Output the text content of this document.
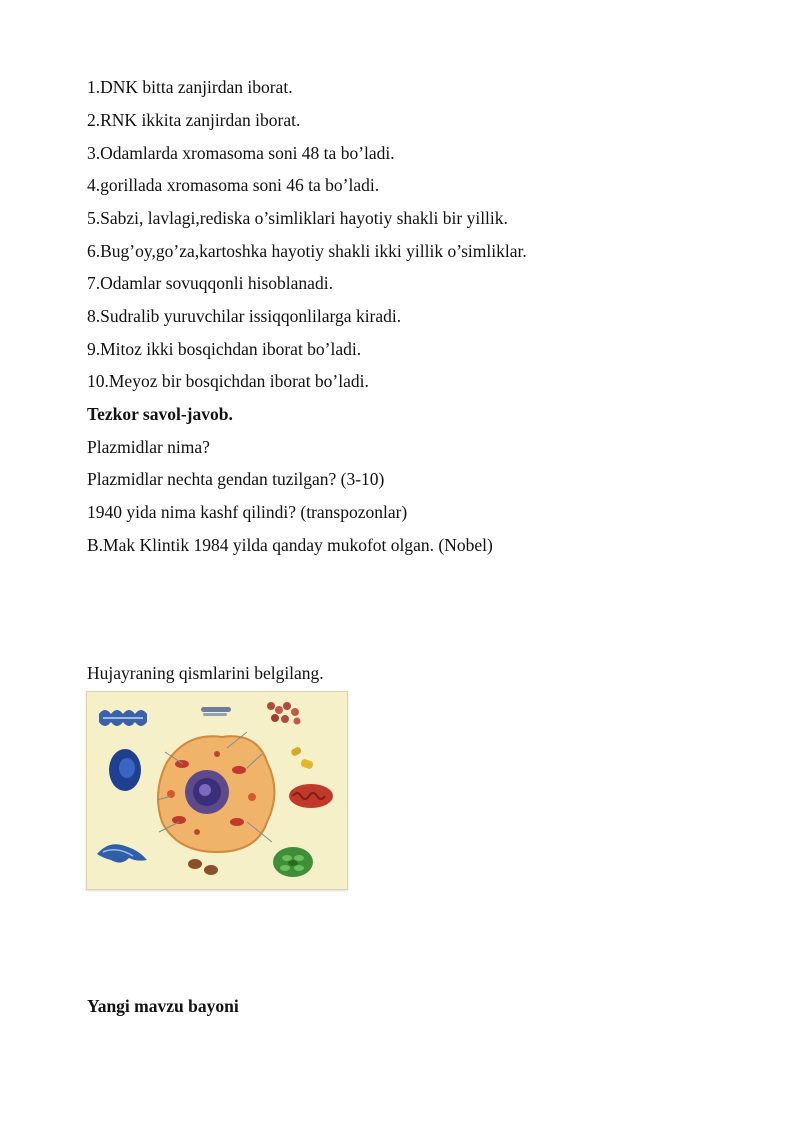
1.DNK bitta zanjirdan iborat.
2.RNK ikkita zanjirdan iborat.
3.Odamlarda xromasoma soni 48 ta bo’ladi.
4.gorillada xromasoma soni 46 ta bo’ladi.
5.Sabzi, lavlagi,rediska o’simliklari hayotiy shakli bir yillik.
6.Bug’oy,go’za,kartoshka hayotiy shakli ikki yillik o’simliklar.
7.Odamlar sovuqqonli hisoblanadi.
8.Sudralib yuruvchilar issiqqonlilarga kiradi.
9.Mitoz ikki bosqichdan iborat bo’ladi.
10.Meyoz bir bosqichdan iborat bo’ladi.
Tezkor savol-javob.
Plazmidlar nima?
Plazmidlar nechta gendan tuzilgan? (3-10)
1940 yida nima kashf qilindi? (transpozonlar)
B.Mak Klintik 1984 yilda qanday mukofot olgan. (Nobel)
Hujayraning qismlarini belgilang.
Yangi mavzu bayoni
